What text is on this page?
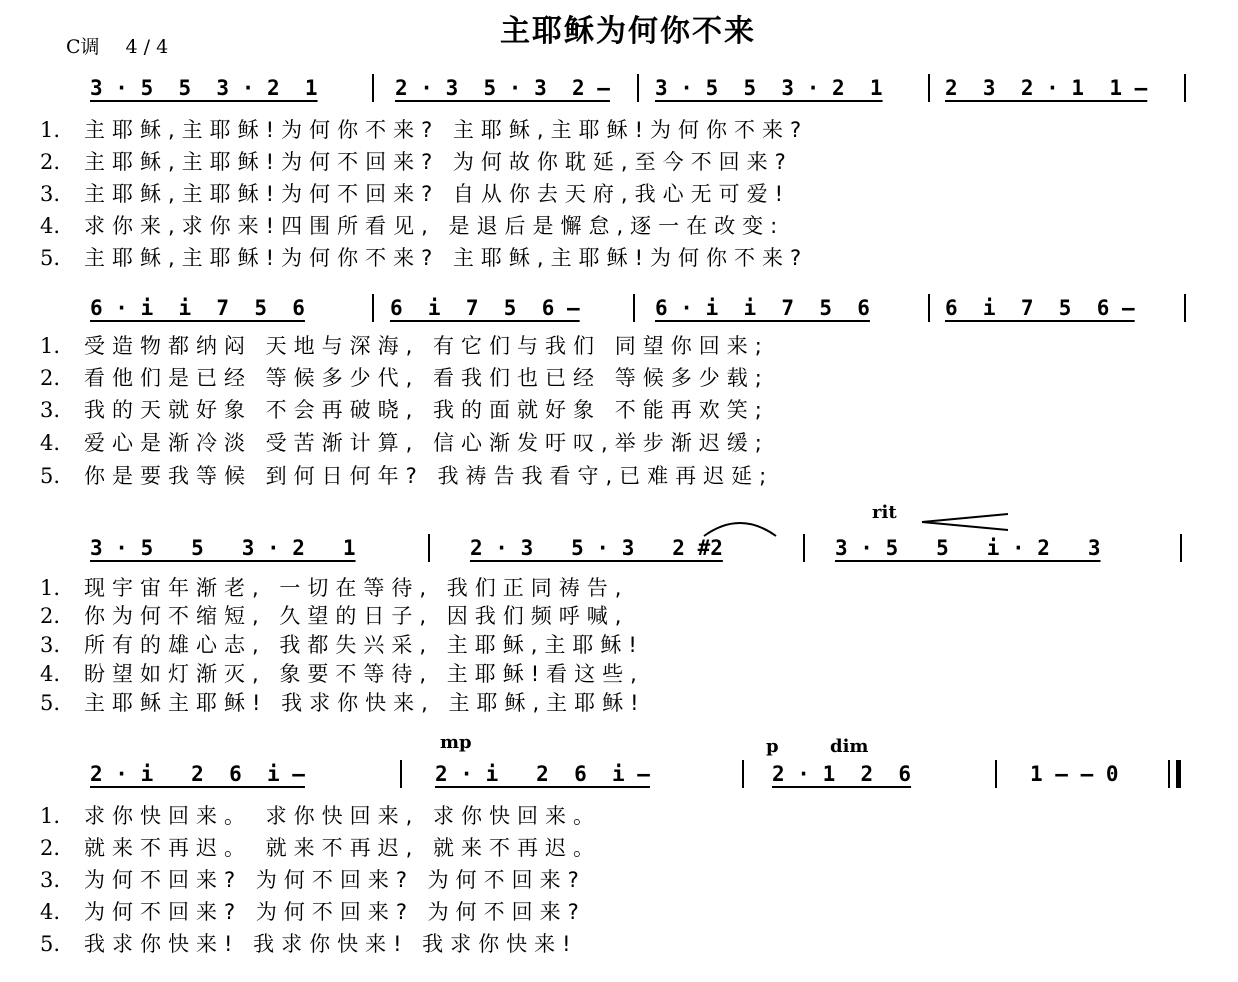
主耶稣为何你不来
C调 4 / 4
3 · 5  5  3 · 2  1	2 · 3  5 · 3  2 — 3 · 5  5  3 · 2  1	2  3  2 · 1  1 —
1. 主耶稣,主耶稣!为何你不来? 主耶稣,主耶稣!为何你不来?
2. 主耶稣,主耶稣!为何不回来? 为何故你耽延,至今不回来?
3. 主耶稣,主耶稣!为何不回来? 自从你去天府,我心无可爱!
4. 求你来,求你来!四围所看见, 是退后是懈怠,逐一在改变:
5. 主耶稣,主耶稣!为何你不来? 主耶稣,主耶稣!为何你不来?
6 · i  i  7  5  6	6  i  7  5  6 —	6 · i  i  7  5  6	6  i  7  5  6 —
1. 受造物都纳闷 天地与深海, 有它们与我们 同望你回来;
2. 看他们是已经 等候多少代, 看我们也已经 等候多少载;
3. 我的天就好象 不会再破晓, 我的面就好象 不能再欢笑;
4. 爱心是渐冷淡 受苦渐计算, 信心渐发吁叹,举步渐迟缓;
5. 你是要我等候 到何日何年? 我祷告我看守,已难再迟延;
rit
3 · 5   5   3 · 2   1	2 · 3   5 · 3   2 #2	3 · 5   5   i · 2   3
1. 现宇宙年渐老, 一切在等待, 我们正同祷告,
2. 你为何不缩短, 久望的日子, 因我们频呼喊,
3. 所有的雄心志, 我都失兴采, 主耶稣,主耶稣!
4. 盼望如灯渐灭, 象要不等待, 主耶稣!看这些,
5. 主耶稣主耶稣! 我求你快来, 主耶稣,主耶稣!
mp	p	dim
2 · i   2  6  i —	2 · i   2  6  i —	2 · 1  2  6	1 — — 0
1. 求你快回来。 求你快回来, 求你快回来。
2. 就来不再迟。 就来不再迟, 就来不再迟。
3. 为何不回来? 为何不回来? 为何不回来?
4. 为何不回来? 为何不回来? 为何不回来?
5. 我求你快来! 我求你快来! 我求你快来!
